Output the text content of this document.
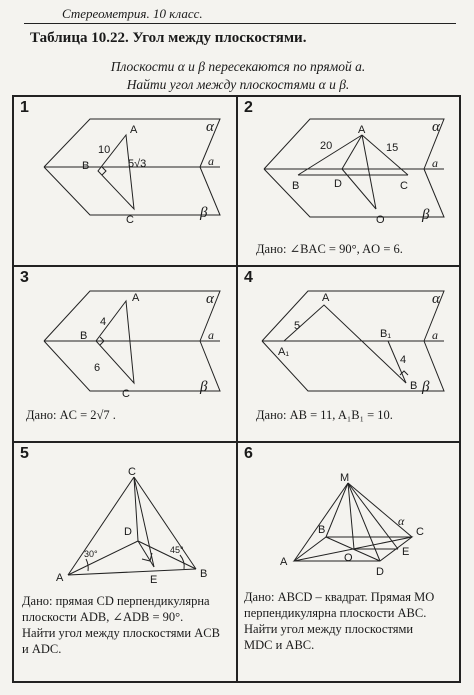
Стереометрия. 10 класс.
Таблица 10.22. Угол между плоскостями.
Плоскости α и β пересекаются по прямой a.
Найти угол между плоскостями α и β.
1
A
B
C
10
5√3
α
a
β
2
A
B	C
D
O
20	15
α
a
β
Дано: ∠BAC = 90°, AO = 6.
3
A
B
C
4
6
α
a
β
Дано: AC = 2√7 .
4
A
B
A₁
B₁
5
4
α
a
β
Дано: AB = 11, A₁B₁ = 10.
5
C
A	B
D
E
30°	45°
Дано: прямая CD перпендикулярна
плоскости ADB, ∠ADB = 90°.
Найти угол между плоскостями ACB
и ADC.
6
M
A
B	C
D
E
O
α
Дано: ABCD – квадрат. Прямая MO
перпендикулярна плоскости ABC.
Найти угол между плоскостями
MDC и ABC.
